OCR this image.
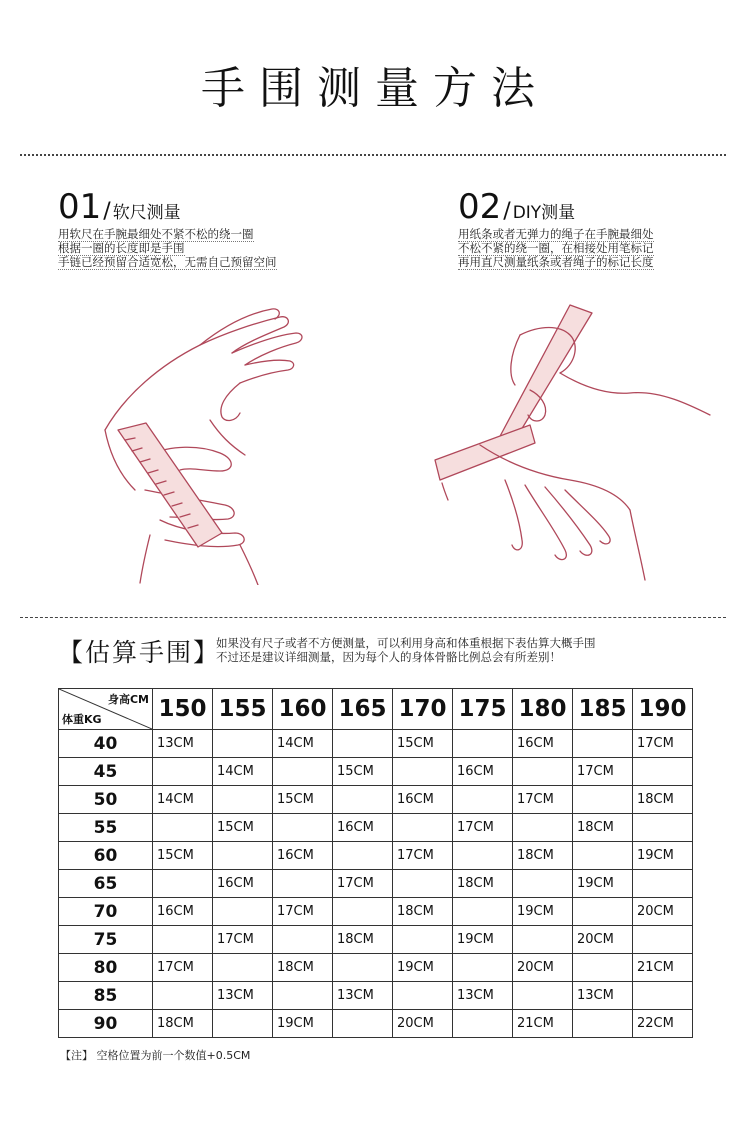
手围测量方法
01 / 软尺测量
用软尺在手腕最细处不紧不松的绕一圈
根据一圈的长度即是手围
手链已经预留合适宽松，无需自己预留空间
02 / DIY测量
用纸条或者无弹力的绳子在手腕最细处
不松不紧的绕一圈，在相接处用笔标记
再用直尺测量纸条或者绳子的标记长度
【估算手围】
如果没有尺子或者不方便测量，可以利用身高和体重根据下表估算大概手围
不过还是建议详细测量，因为每个人的身体骨骼比例总会有所差别！
身高CM
体重KG	150	155	160	165	170	175	180	185	190
40	13CM		14CM		15CM		16CM		17CM
45		14CM		15CM		16CM		17CM	
50	14CM		15CM		16CM		17CM		18CM
55		15CM		16CM		17CM		18CM	
60	15CM		16CM		17CM		18CM		19CM
65		16CM		17CM		18CM		19CM	
70	16CM		17CM		18CM		19CM		20CM
75		17CM		18CM		19CM		20CM	
80	17CM		18CM		19CM		20CM		21CM
85		13CM		13CM		13CM		13CM	
90	18CM		19CM		20CM		21CM		22CM
【注】 空格位置为前一个数值+0.5CM
